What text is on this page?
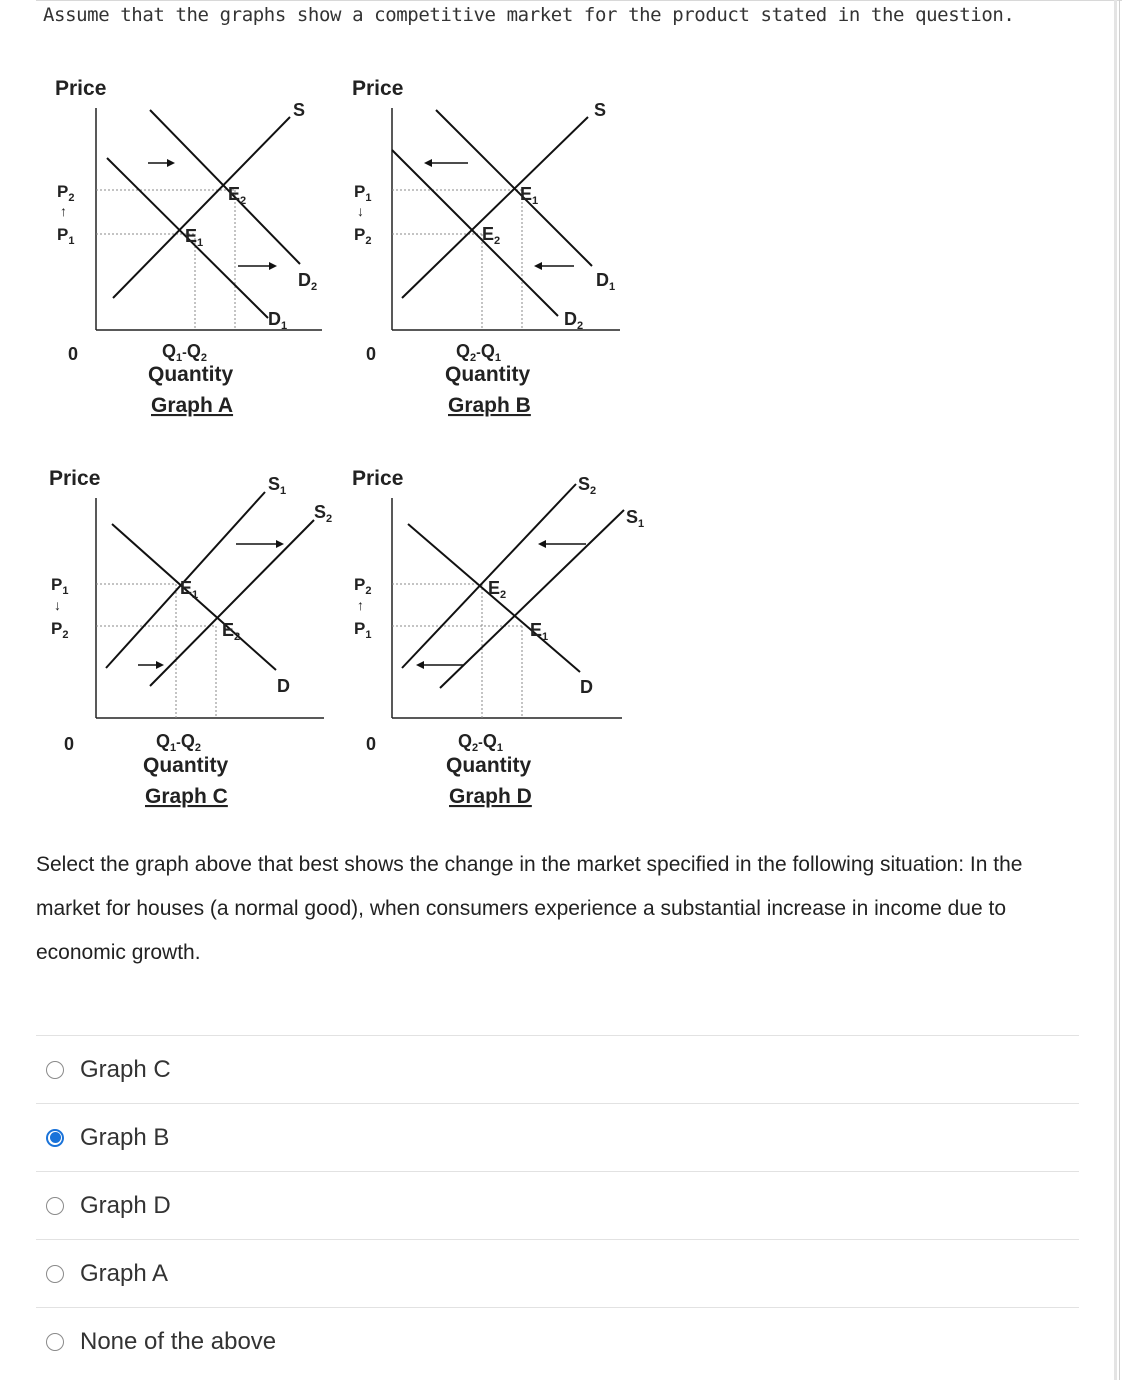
Assume that the graphs show a competitive market for the product stated in the question.
Price
S
$D_2$
$D_1$
$E_2$
$E_1$
$P_2$
↑
$P_1$
0	$Q_1^-Q_2$
Quantity
Graph A
Price
S
$D_1$
$D_2$
$E_1$
$E_2$
$P_1$
↓
$P_2$
0	$Q_2^-Q_1$
Quantity
Graph B
Price	$S_1$
$S_2$
D
$E_1$
$E_2$
$P_1$
↓
$P_2$
0	$Q_1^-Q_2$
Quantity
Graph C
Price	$S_2$
$S_1$
D
$E_2$
$E_1$
$P_2$
↑
$P_1$
0	$Q_2^-Q_1$
Quantity
Graph D
Select the graph above that best shows the change in the market specified in the following situation: In the market for houses (a normal good), when consumers experience a substantial increase in income due to economic growth.
Graph C
Graph B
Graph D
Graph A
None of the above
